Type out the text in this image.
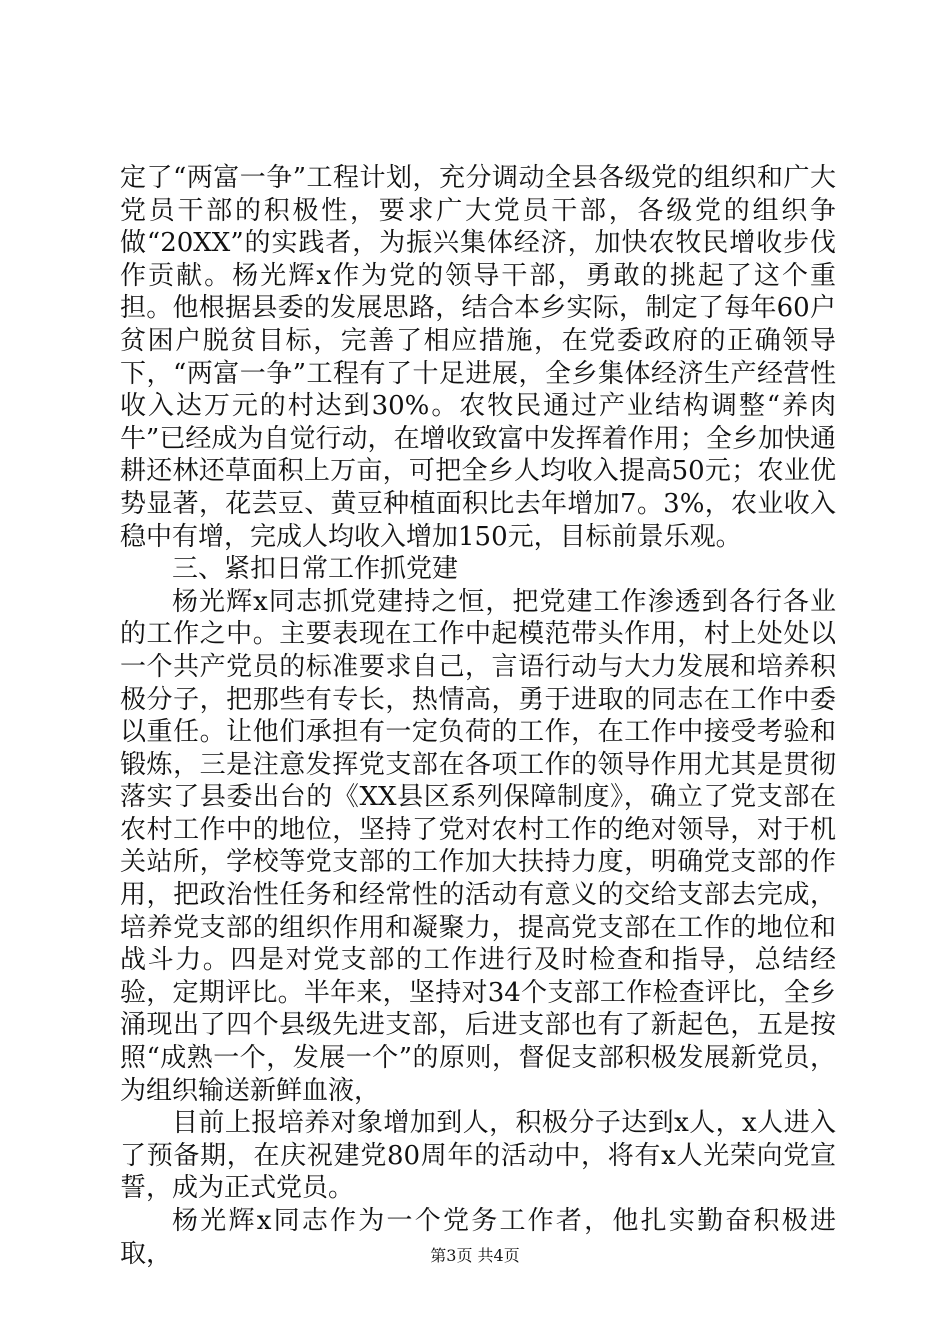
定了“两富一争”工程计划，充分调动全县各级党的组织和广大党员干部的积极性，要求广大党员干部，各级党的组织争做“20XX”的实践者，为振兴集体经济，加快农牧民增收步伐作贡献。杨光辉x作为党的领导干部，勇敢的挑起了这个重担。他根据县委的发展思路，结合本乡实际，制定了每年60户贫困户脱贫目标，完善了相应措施，在党委政府的正确领导下，“两富一争”工程有了十足进展，全乡集体经济生产经营性收入达万元的村达到30%。农牧民通过产业结构调整“养肉牛”已经成为自觉行动，在增收致富中发挥着作用；全乡加快通耕还林还草面积上万亩，可把全乡人均收入提高50元；农业优势显著，花芸豆、黄豆种植面积比去年增加7。3%，农业收入稳中有增，完成人均收入增加150元，目标前景乐观。

三、紧扣日常工作抓党建

杨光辉x同志抓党建持之恒，把党建工作渗透到各行各业的工作之中。主要表现在工作中起模范带头作用，村上处处以一个共产党员的标准要求自己，言语行动与大力发展和培养积极分子，把那些有专长，热情高，勇于进取的同志在工作中委以重任。让他们承担有一定负荷的工作，在工作中接受考验和锻炼，三是注意发挥党支部在各项工作的领导作用尤其是贯彻落实了县委出台的《XX县区系列保障制度》，确立了党支部在农村工作中的地位，坚持了党对农村工作的绝对领导，对于机关站所，学校等党支部的工作加大扶持力度，明确党支部的作用，把政治性任务和经常性的活动有意义的交给支部去完成，培养党支部的组织作用和凝聚力，提高党支部在工作的地位和战斗力。四是对党支部的工作进行及时检查和指导，总结经验，定期评比。半年来，坚持对34个支部工作检查评比，全乡涌现出了四个县级先进支部，后进支部也有了新起色，五是按照“成熟一个，发展一个”的原则，督促支部积极发展新党员，为组织输送新鲜血液，

目前上报培养对象增加到人，积极分子达到x人，x人进入了预备期，在庆祝建党80周年的活动中，将有x人光荣向党宣誓，成为正式党员。

杨光辉x同志作为一个党务工作者，他扎实勤奋积极进取，	第3页 共4页
